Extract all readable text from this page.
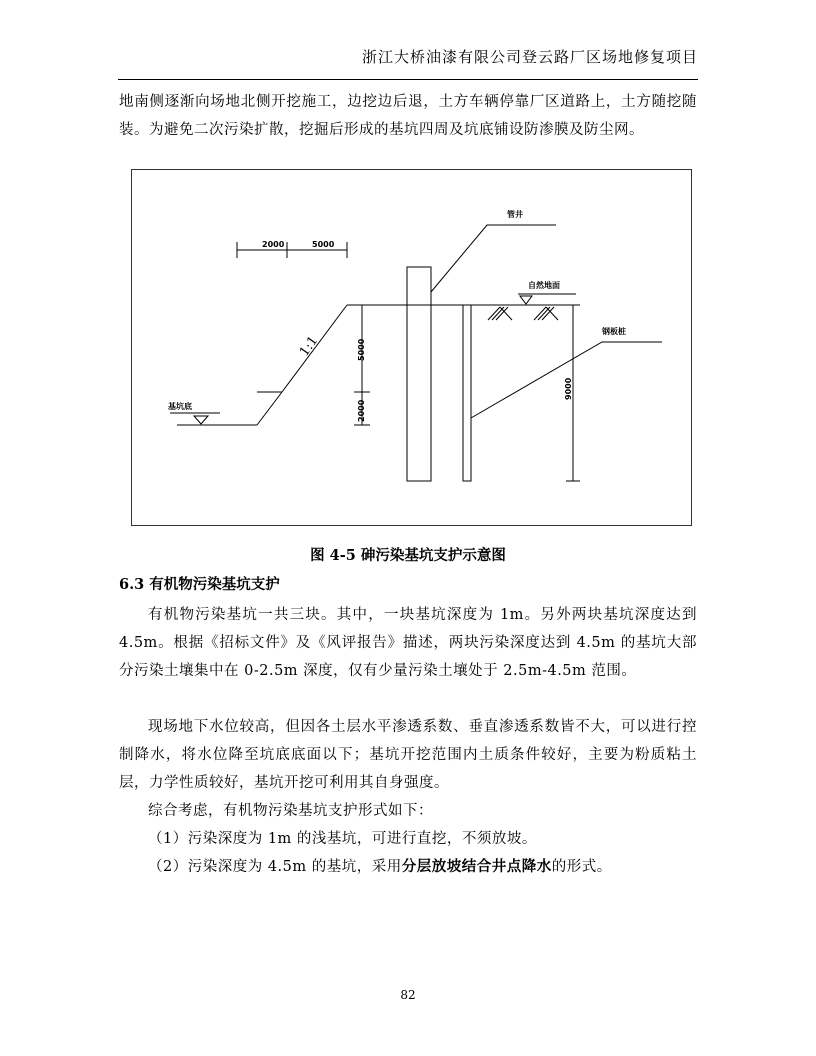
浙江大桥油漆有限公司登云路厂区场地修复项目

地南侧逐渐向场地北侧开挖施工，边挖边后退，土方车辆停靠厂区道路上，土方随挖随装。为避免二次污染扩散，挖掘后形成的基坑四周及坑底铺设防渗膜及防尘网。

管井
自然地面
钢板桩
基坑底
2000	5000
5000
2000
9000
1:1
图 4-5 砷污染基坑支护示意图
6.3 有机物污染基坑支护

有机物污染基坑一共三块。其中，一块基坑深度为 1m。另外两块基坑深度达到 4.5m。根据《招标文件》及《风评报告》描述，两块污染深度达到 4.5m 的基坑大部分污染土壤集中在 0-2.5m 深度，仅有少量污染土壤处于 2.5m-4.5m 范围。

现场地下水位较高，但因各土层水平渗透系数、垂直渗透系数皆不大，可以进行控制降水，将水位降至坑底底面以下；基坑开挖范围内土质条件较好，主要为粉质粘土层，力学性质较好，基坑开挖可利用其自身强度。

综合考虑，有机物污染基坑支护形式如下：

（1）污染深度为 1m 的浅基坑，可进行直挖，不须放坡。

（2）污染深度为 4.5m 的基坑，采用分层放坡结合井点降水的形式。

82
